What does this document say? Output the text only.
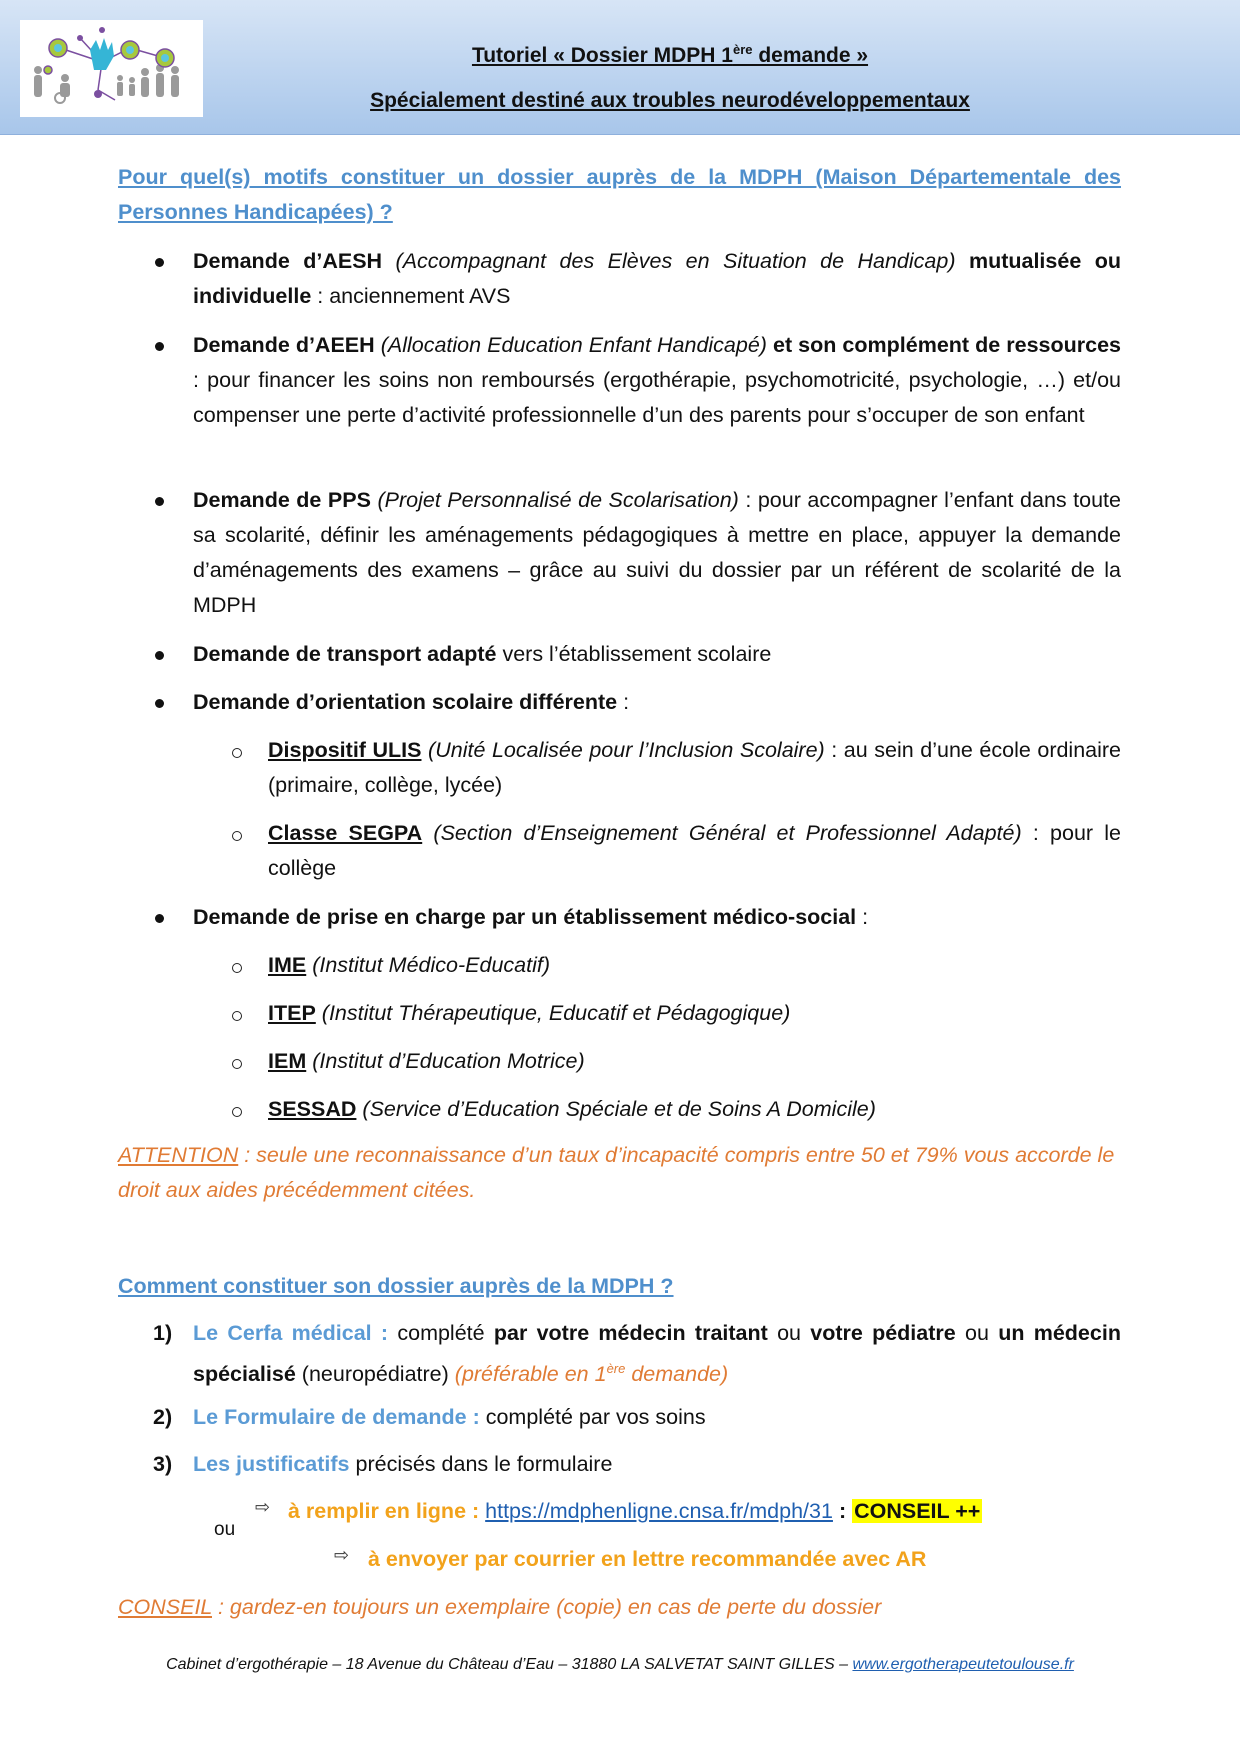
Tutoriel « Dossier MDPH 1ère demande »
Spécialement destiné aux troubles neurodéveloppementaux
Pour quel(s) motifs constituer un dossier auprès de la MDPH (Maison Départementale des Personnes Handicapées) ?
Demande d’AESH (Accompagnant des Elèves en Situation de Handicap) mutualisée ou individuelle : anciennement AVS
Demande d’AEEH (Allocation Education Enfant Handicapé) et son complément de ressources : pour financer les soins non remboursés (ergothérapie, psychomotricité, psychologie, …) et/ou compenser une perte d’activité professionnelle d’un des parents pour s’occuper de son enfant
Demande de PPS (Projet Personnalisé de Scolarisation) : pour accompagner l’enfant dans toute sa scolarité, définir les aménagements pédagogiques à mettre en place, appuyer la demande d’aménagements des examens – grâce au suivi du dossier par un référent de scolarité de la MDPH
Demande de transport adapté vers l’établissement scolaire
Demande d’orientation scolaire différente :
Dispositif ULIS (Unité Localisée pour l’Inclusion Scolaire) : au sein d’une école ordinaire (primaire, collège, lycée)
Classe SEGPA (Section d’Enseignement Général et Professionnel Adapté) : pour le collège
Demande de prise en charge par un établissement médico-social :
IME (Institut Médico-Educatif)
ITEP (Institut Thérapeutique, Educatif et Pédagogique)
IEM (Institut d’Education Motrice)
SESSAD (Service d’Education Spéciale et de Soins A Domicile)
ATTENTION : seule une reconnaissance d’un taux d’incapacité compris entre 50 et 79% vous accorde le droit aux aides précédemment citées.
Comment constituer son dossier auprès de la MDPH ?
1) Le Cerfa médical : complété par votre médecin traitant ou votre pédiatre ou un médecin spécialisé (neuropédiatre) (préférable en 1ère demande)
2) Le Formulaire de demande : complété par vos soins
3) Les justificatifs précisés dans le formulaire
ou
⇨ à remplir en ligne : https://mdphenligne.cnsa.fr/mdph/31 : CONSEIL ++
⇨ à envoyer par courrier en lettre recommandée avec AR
CONSEIL : gardez-en toujours un exemplaire (copie) en cas de perte du dossier
Cabinet d’ergothérapie – 18 Avenue du Château d’Eau – 31880 LA SALVETAT SAINT GILLES – www.ergotherapeutetoulouse.fr
